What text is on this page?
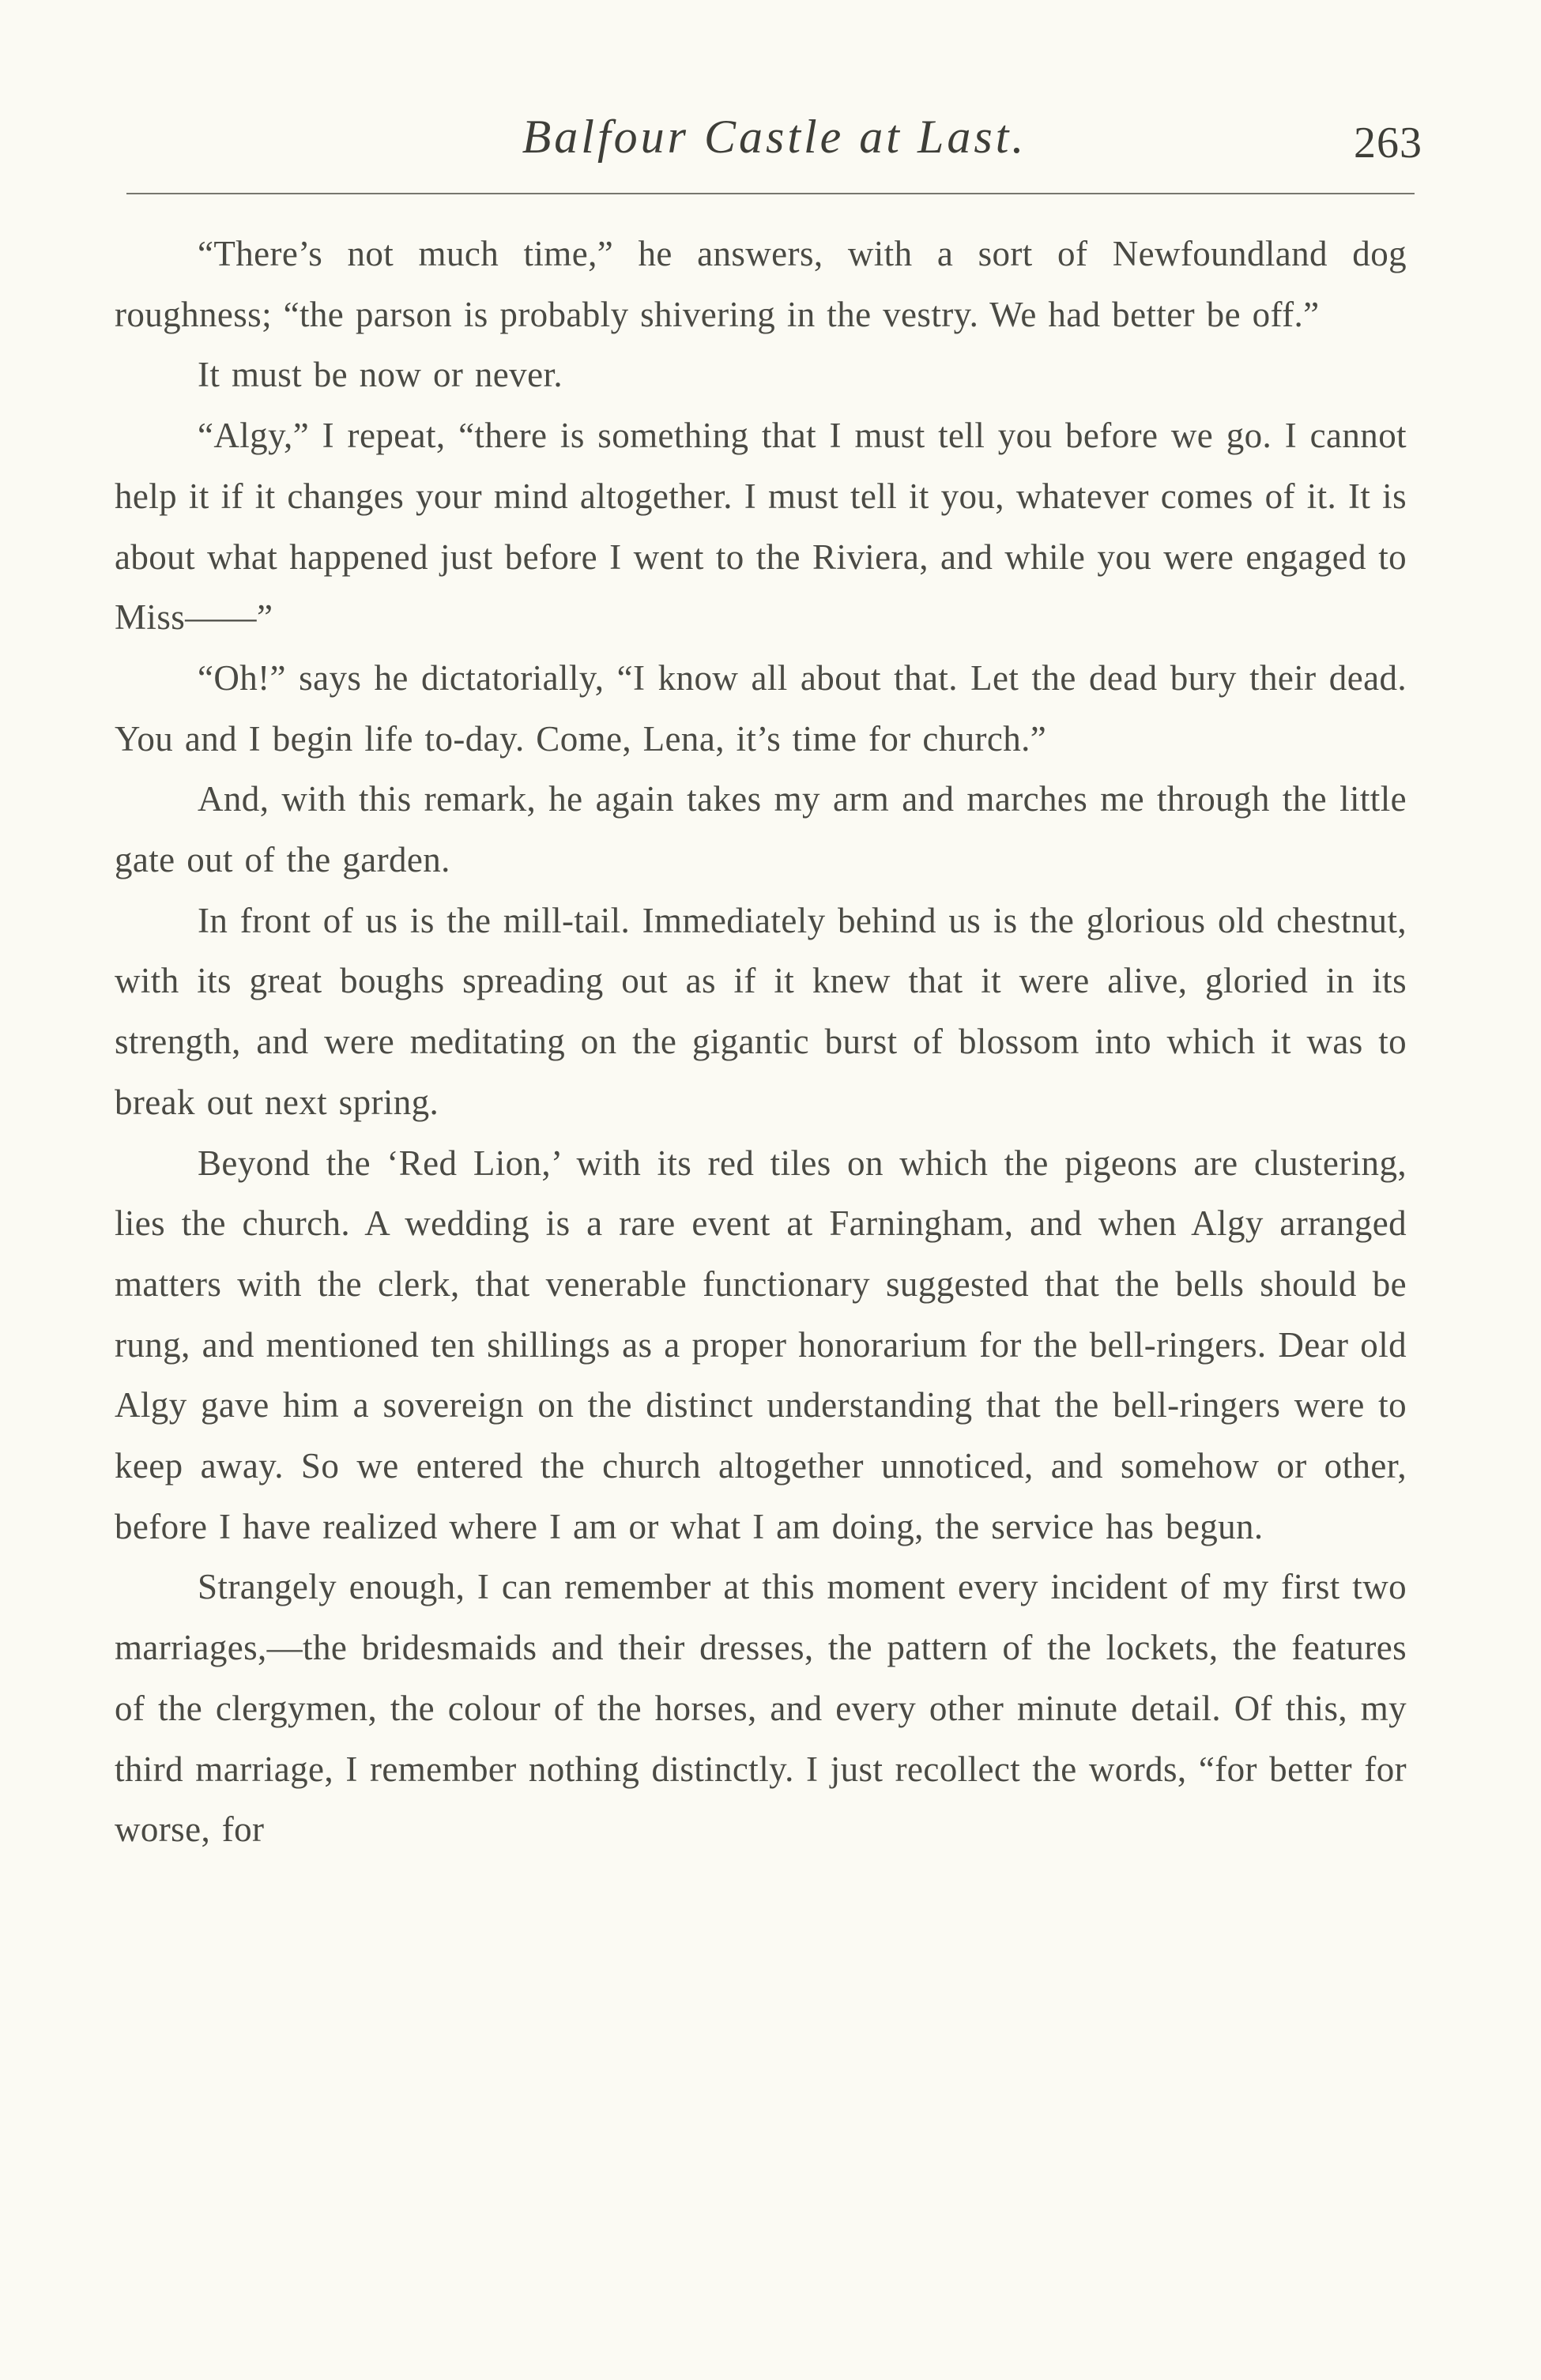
Balfour Castle at Last.	263

“There’s not much time,” he answers, with a sort of Newfoundland dog roughness; “the parson is probably shivering in the vestry. We had better be off.”

It must be now or never.

“Algy,” I repeat, “there is something that I must tell you before we go. I cannot help it if it changes your mind altogether. I must tell it you, whatever comes of it. It is about what happened just before I went to the Riviera, and while you were engaged to Miss——”

“Oh!” says he dictatorially, “I know all about that. Let the dead bury their dead. You and I begin life to-day. Come, Lena, it’s time for church.”

And, with this remark, he again takes my arm and marches me through the little gate out of the garden.

In front of us is the mill-tail. Immediately behind us is the glorious old chestnut, with its great boughs spreading out as if it knew that it were alive, gloried in its strength, and were meditating on the gigantic burst of blossom into which it was to break out next spring.

Beyond the ‘Red Lion,’ with its red tiles on which the pigeons are clustering, lies the church. A wedding is a rare event at Farningham, and when Algy arranged matters with the clerk, that venerable functionary suggested that the bells should be rung, and mentioned ten shillings as a proper honorarium for the bell-ringers. Dear old Algy gave him a sovereign on the distinct understanding that the bell-ringers were to keep away. So we entered the church altogether unnoticed, and somehow or other, before I have realized where I am or what I am doing, the service has begun.

Strangely enough, I can remember at this moment every incident of my first two marriages,—the bridesmaids and their dresses, the pattern of the lockets, the features of the clergymen, the colour of the horses, and every other minute detail. Of this, my third marriage, I remember nothing distinctly. I just recollect the words, “for better for worse, for
